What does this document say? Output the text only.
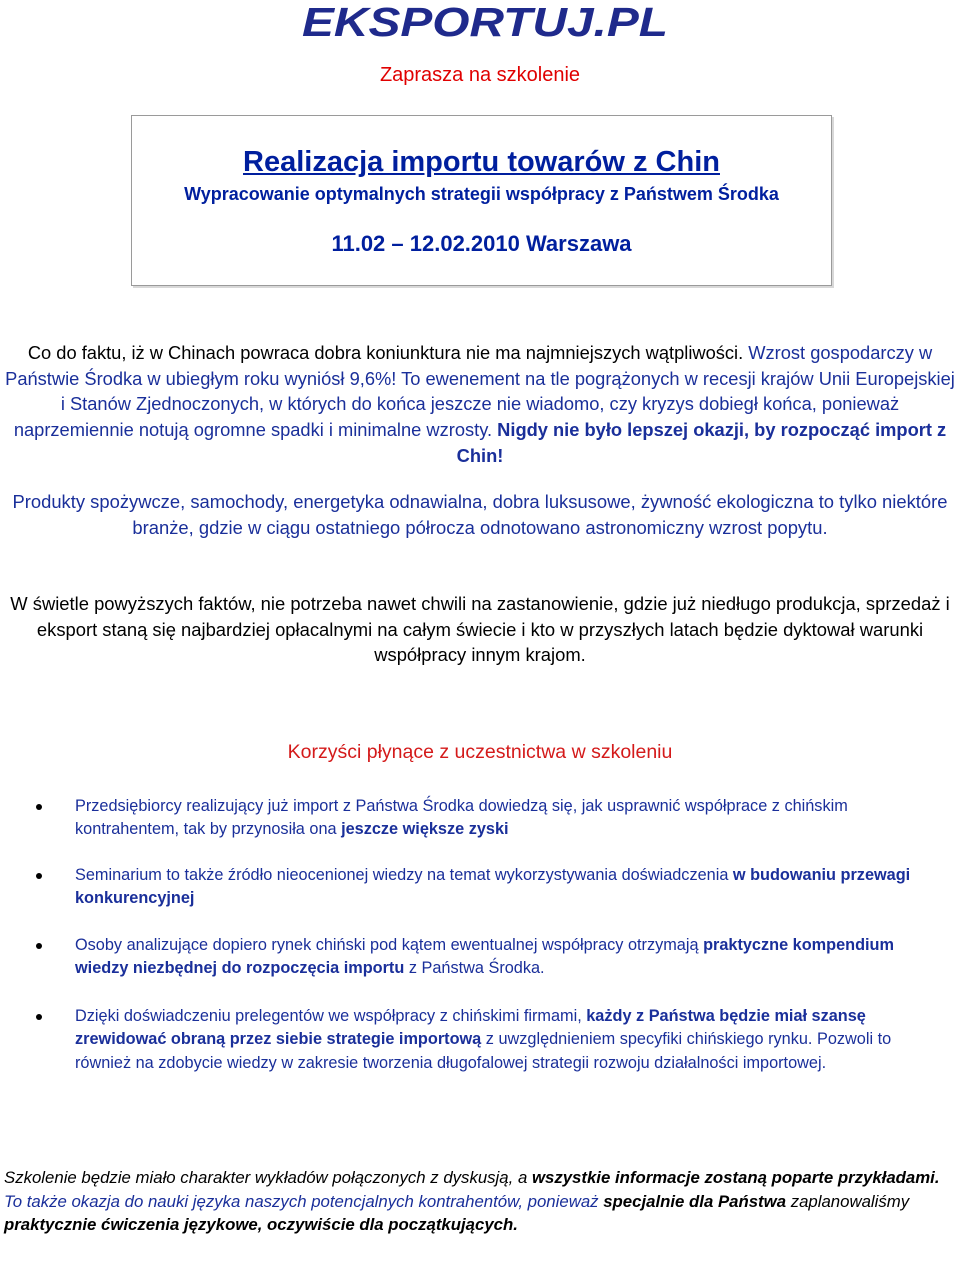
EKSPORTUJ.PL
Zaprasza na szkolenie
Realizacja importu towarów z Chin
Wypracowanie optymalnych strategii współpracy z Państwem Środka
11.02 – 12.02.2010 Warszawa
Co do faktu, iż w Chinach powraca dobra koniunktura nie ma najmniejszych wątpliwości. Wzrost gospodarczy w Państwie Środka w ubiegłym roku wyniósł 9,6%! To ewenement na tle pogrążonych w recesji krajów Unii Europejskiej i Stanów Zjednoczonych, w których do końca jeszcze nie wiadomo, czy kryzys dobiegł końca, ponieważ naprzemiennie notują ogromne spadki i minimalne wzrosty. Nigdy nie było lepszej okazji, by rozpocząć import z Chin!
Produkty spożywcze, samochody, energetyka odnawialna, dobra luksusowe, żywność ekologiczna to tylko niektóre branże, gdzie w ciągu ostatniego półrocza odnotowano astronomiczny wzrost popytu.
W świetle powyższych faktów, nie potrzeba nawet chwili na zastanowienie, gdzie już niedługo produkcja, sprzedaż i eksport staną się najbardziej opłacalnymi na całym świecie i kto w przyszłych latach będzie dyktował warunki współpracy innym krajom.
Korzyści płynące z uczestnictwa w szkoleniu
Przedsiębiorcy realizujący już import z Państwa Środka dowiedzą się, jak usprawnić współprace z chińskim kontrahentem, tak by przynosiła ona jeszcze większe zyski
Seminarium to także źródło nieocenionej wiedzy na temat wykorzystywania doświadczenia w budowaniu przewagi konkurencyjnej
Osoby analizujące dopiero rynek chiński pod kątem ewentualnej współpracy otrzymają praktyczne kompendium wiedzy niezbędnej do rozpoczęcia importu z Państwa Środka.
Dzięki doświadczeniu prelegentów we współpracy z chińskimi firmami, każdy z Państwa będzie miał szansę zrewidować obraną przez siebie strategie importową z uwzględnieniem specyfiki chińskiego rynku. Pozwoli to również na zdobycie wiedzy w zakresie tworzenia długofalowej strategii rozwoju działalności importowej.
Szkolenie będzie miało charakter wykładów połączonych z dyskusją, a wszystkie informacje zostaną poparte przykładami. To także okazja do nauki języka naszych potencjalnych kontrahentów, ponieważ specjalnie dla Państwa zaplanowaliśmy praktycznie ćwiczenia językowe, oczywiście dla początkujących.
